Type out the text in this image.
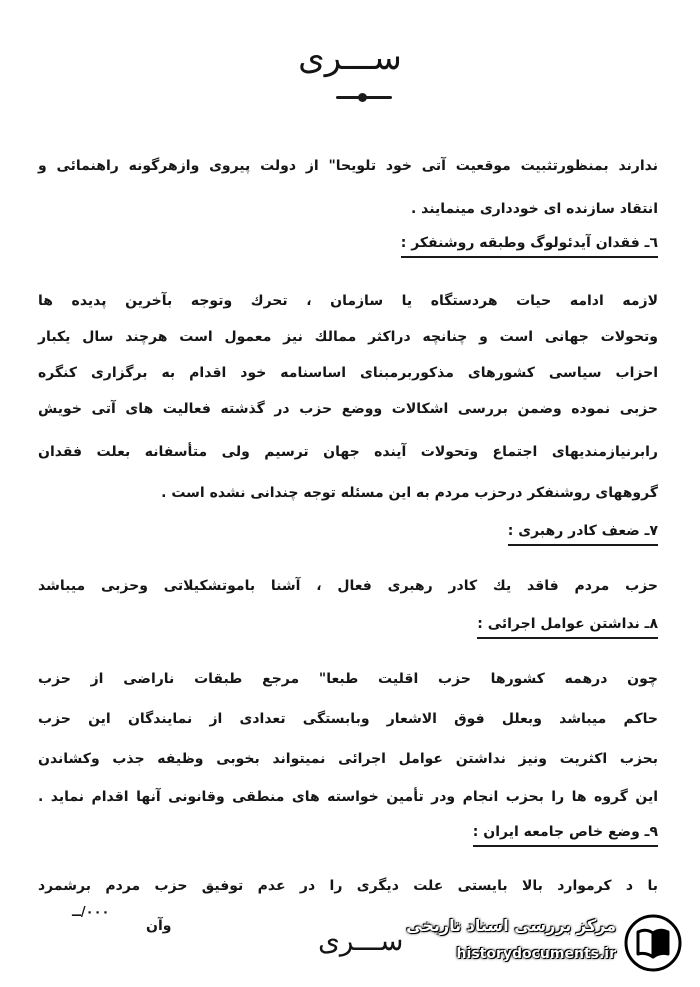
ســـرى
ندارند بمنظورتثبيت موقعيت آتى خود تلويحا" از دولت پيروى وازهرگونه راهنمائى و
انتقاد سازنده اى خوددارى مينمايند .
٦ـ فقدان آيدئولوگ وطبقه روشنفكر :
لازمه ادامه حيات هردستگاه يا سازمان ، تحرك وتوجه بآخرين پديده ها
وتحولات جهانى است و چنانچه دراكثر ممالك نيز معمول است هرچند سال يكبار
احزاب سياسى كشورهاى مذكوربرمبناى اساسنامه خود اقدام به برگزارى كنگره
حزبى نموده وضمن بررسى اشكالات ووضع حزب در گذشته فعاليت هاى آتى خويش
رابرنيازمنديهاى اجتماع وتحولات آينده جهان ترسيم ولى متأسفانه بعلت فقدان
گروههاى روشنفكر درحزب مردم به اين مسئله توجه چندانى نشده است .
٧ـ ضعف كادر رهبرى :
حزب مردم فاقد يك كادر رهبرى فعال ، آشنا باموتشكيلاتى وحزبى ميباشد
٨ـ نداشتن عوامل اجرائى :
چون درهمه كشورها حزب اقليت طبعا" مرجع طبقات ناراضى از حزب
حاكم ميباشد وبعلل فوق الاشعار وبابستگى تعدادى از نمايندگان اين حزب
بحزب اكثريت ونيز نداشتن عوامل اجرائى نميتواند بخوبى وظيفه جذب وكشاندن
اين گروه ها را بحزب انجام ودر تأمين خواسته هاى منطقى وقانونى آنها اقدام نمايد .
٩ـ وضع خاص جامعه ايران :
با د كرموارد بالا بايستى علت ديگرى را در عدم توفيق حزب مردم برشمرد
٠٠٠/ــ
وآن	ســـرى مركز بررسی اسناد تاريخی
historydocuments.ir
